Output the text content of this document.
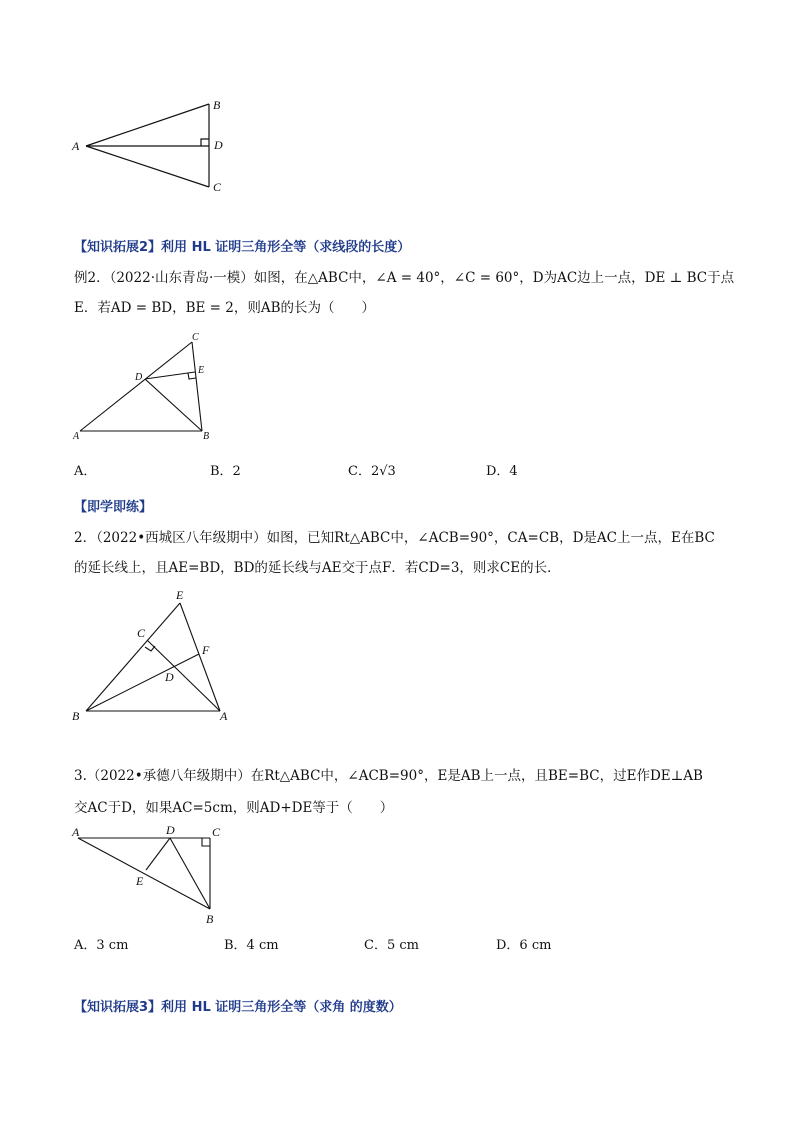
A
B
D
C
【知识拓展2】利用 HL 证明三角形全等（求线段的长度）
例2．（2022·山东青岛·一模）如图，在△ABC中，∠A = 40°，∠C = 60°，D为AC边上一点，DE ⊥ BC于点
E．若AD = BD，BE = 2，则AB的长为（　　）
C
D
E
A	B
A．	B．2	C．2√3	D．4
【即学即练】
2．（2022•西城区八年级期中）如图，已知Rt△ABC中，∠ACB=90°，CA=CB，D是AC上一点，E在BC
的延长线上，且AE=BD，BD的延长线与AE交于点F．若CD=3，则求CE的长．
E
C
F
D
B	A
3.（2022•承德八年级期中）在Rt△ABC中，∠ACB=90°，E是AB上一点，且BE=BC，过E作DE⊥AB
交AC于D，如果AC=5cm，则AD+DE等于（　　）
A	D	C
E
B
A．3 cm	B．4 cm	C．5 cm	D．6 cm
【知识拓展3】利用 HL 证明三角形全等（求角 的度数）
